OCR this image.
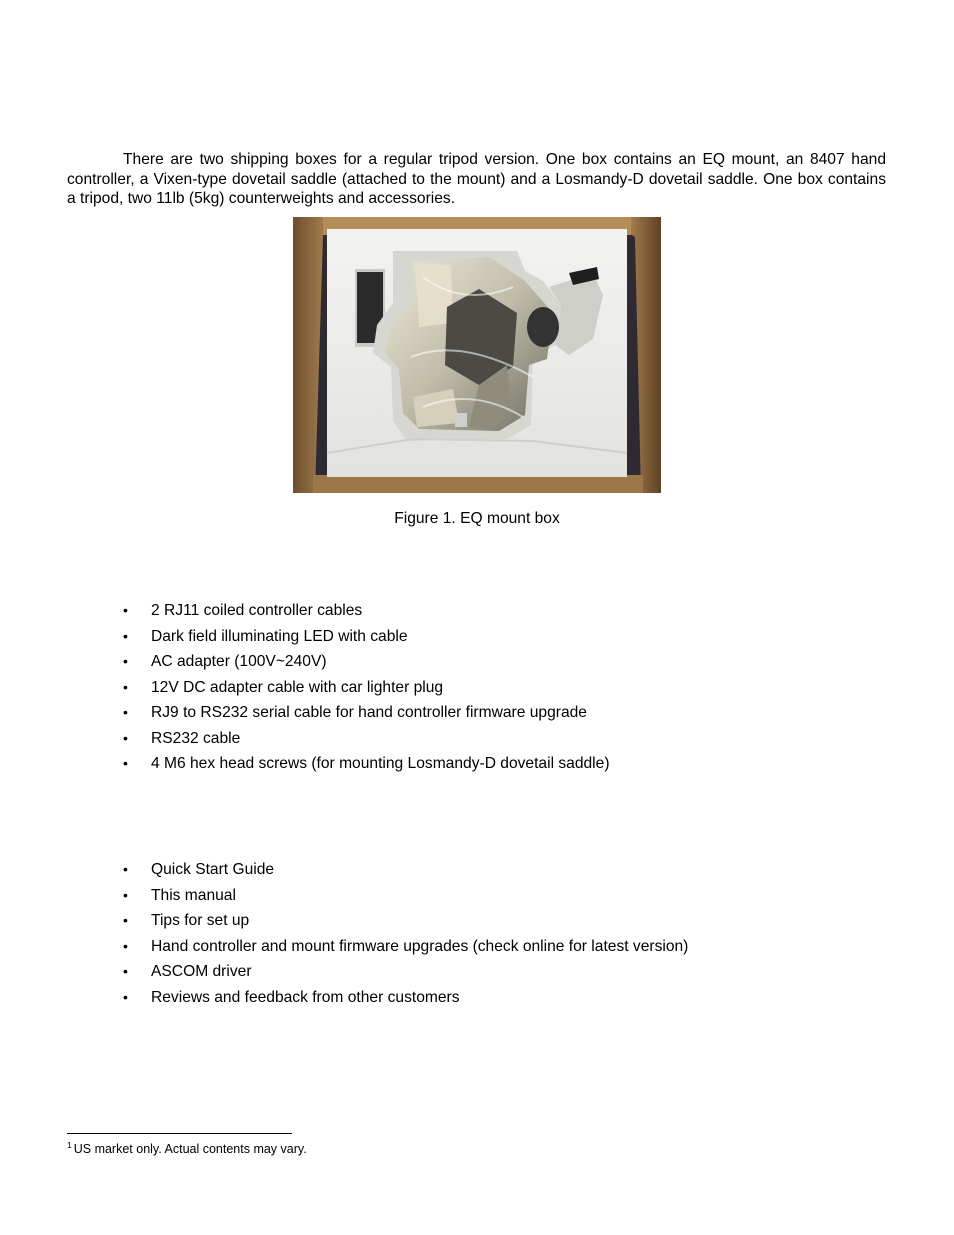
There are two shipping boxes for a regular tripod version. One box contains an EQ mount, an 8407 hand controller, a Vixen-type dovetail saddle (attached to the mount) and a Losmandy-D dovetail saddle. One box contains a tripod, two 11lb (5kg) counterweights and accessories.

Figure 1. EQ mount box

• 2 RJ11 coiled controller cables
• Dark field illuminating LED with cable
• AC adapter (100V~240V)
• 12V DC adapter cable with car lighter plug
• RJ9 to RS232 serial cable for hand controller firmware upgrade
• RS232 cable
• 4 M6 hex head screws (for mounting Losmandy-D dovetail saddle)
• Quick Start Guide
• This manual
• Tips for set up
• Hand controller and mount firmware upgrades (check online for latest version)
• ASCOM driver
• Reviews and feedback from other customers

$^1$ US market only. Actual contents may vary.
